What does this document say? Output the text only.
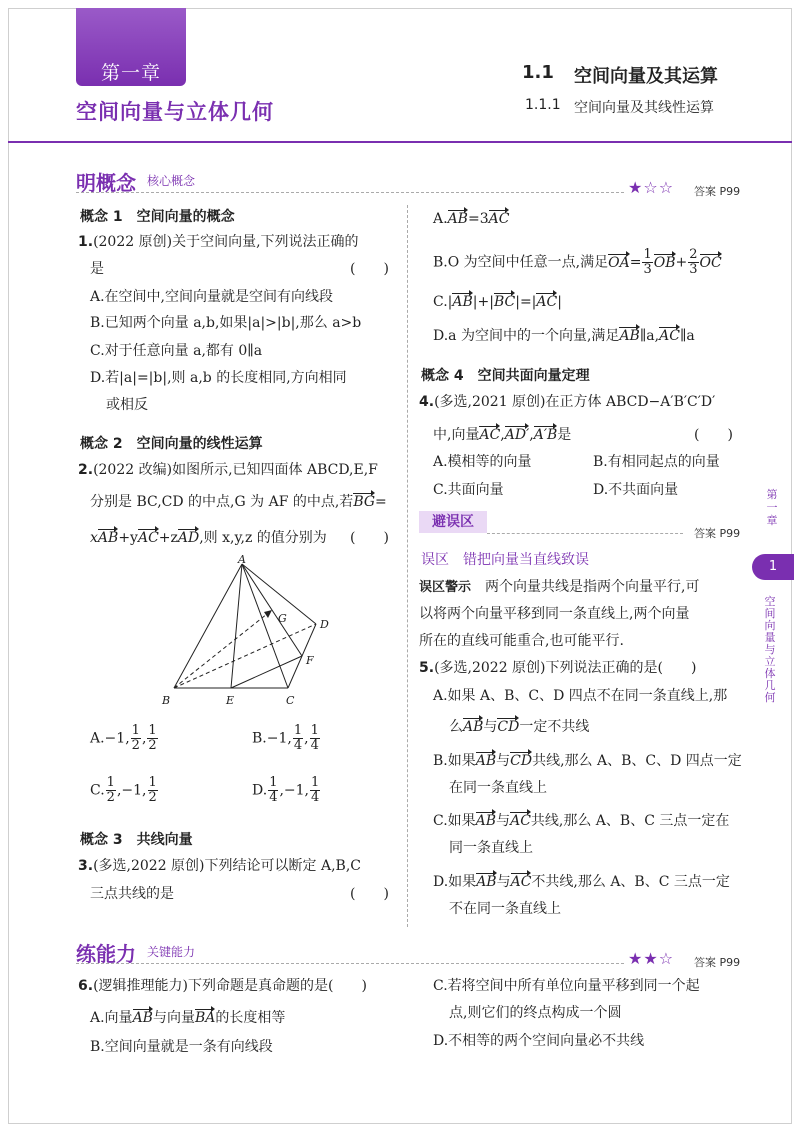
第一章
空间向量与立体几何
1.1 空间向量及其运算
1.1.1 空间向量及其线性运算
明概念 核心概念	★☆☆ 答案 P99
概念 1　空间向量的概念
1.(2022 原创)关于空间向量,下列说法正确的
是	(　　)
A.在空间中,空间向量就是空间有向线段
B.已知两个向量 a,b,如果|a|>|b|,那么 a>b
C.对于任意向量 a,都有 0∥a
D.若|a|=|b|,则 a,b 的长度相同,方向相同
或相反
概念 2　空间向量的线性运算
2.(2022 改编)如图所示,已知四面体 ABCD,E,F
分别是 BC,CD 的中点,G 为 AF 的中点,若BG=
xAB+yAC+zAD,则 x,y,z 的值分别为 (　　)
A
B	C
D
E
F
G
A.−1, $\frac{1}{2}$ , $\frac{1}{2}$	B.−1, $\frac{1}{4}$ , $\frac{1}{4}$
C. $\frac{1}{2} ,-1$, $\frac{1}{2}$	D. $\frac{1}{4} ,-1$, $\frac{1}{4}$
概念 3　共线向量
3.(多选,2022 原创)下列结论可以断定 A,B,C
三点共线的是	(　　)
A.AB=3AC
B.O 为空间中任意一点,满足$OA= \frac{1}{3} OB+ \frac{2}{3}$ OC
C.|AB|+|BC|=|AC|
D.a 为空间中的一个向量,满足AB∥a,AC∥a
概念 4　空间共面向量定理
4.(多选,2021 原创)在正方体 ABCD−A′B′C′D′
中,向量AC,AD′,A′B是	(　　)
A.模相等的向量	B.有相同起点的向量
C.共面向量	D.不共面向量
避误区
答案 P99
误区　错把向量当直线致误
误区警示　两个向量共线是指两个向量平行,可
以将两个向量平移到同一条直线上,两个向量
所在的直线可能重合,也可能平行.
5.(多选,2022 原创)下列说法正确的是(　　)
A.如果 A、B、C、D 四点不在同一条直线上,那
么AB与CD一定不共线
B.如果AB与CD共线,那么 A、B、C、D 四点一定
在同一条直线上
C.如果AB与AC共线,那么 A、B、C 三点一定在
同一条直线上
D.如果AB与AC不共线,那么 A、B、C 三点一定
不在同一条直线上
练能力 关键能力	★★☆ 答案 P99
6.(逻辑推理能力)下列命题是真命题的是(　　)
A.向量AB与向量BA的长度相等
B.空间向量就是一条有向线段
C.若将空间中所有单位向量平移到同一个起
点,则它们的终点构成一个圆
D.不相等的两个空间向量必不共线
第
一
章
1
空
间
向
量
与
立
体
几
何
